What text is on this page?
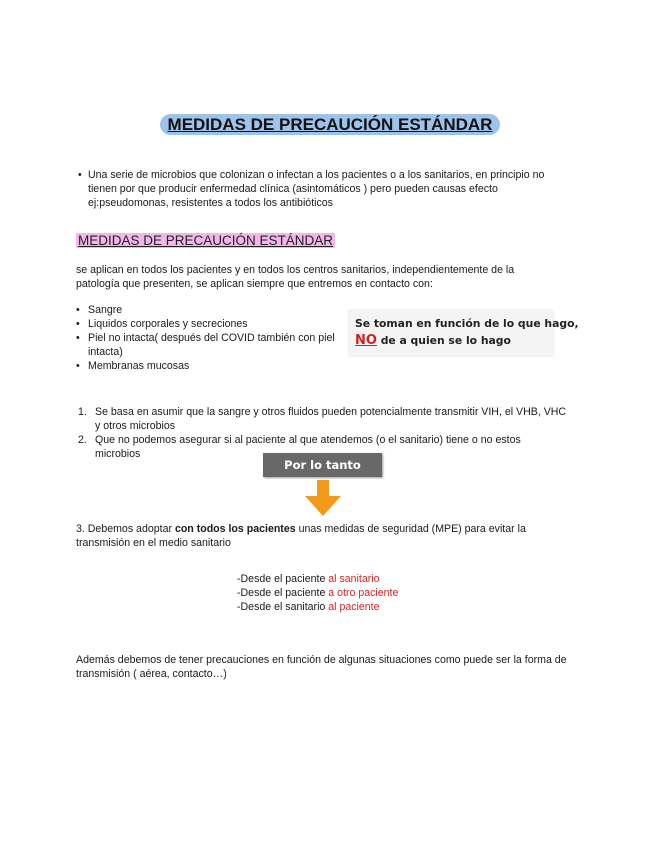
MEDIDAS DE PRECAUCIÓN ESTÁNDAR
• Una serie de microbios que colonizan o infectan a los pacientes o a los sanitarios, en principio no tienen por que producir enfermedad clínica (asintomáticos ) pero pueden causas efecto ej:pseudomonas, resistentes a todos los antibióticos
MEDIDAS DE PRECAUCIÓN ESTÁNDAR
se aplican en todos los pacientes y en todos los centros sanitarios, independientemente de la patología que presenten, se aplican siempre que entremos en contacto con:
• Sangre
• Liquidos corporales y secreciones
• Piel no intacta( después del COVID también con piel intacta)
• Membranas mucosas
Se toman en función de lo que hago,
NO de a quien se lo hago
1. Se basa en asumir que la sangre y otros fluidos pueden potencialmente transmitir VIH, el VHB, VHC y otros microbios
2. Que no podemos asegurar si al paciente al que atendemos (o el sanitario) tiene o no estos microbios
Por lo tanto
3. Debemos adoptar con todos los pacientes unas medidas de seguridad (MPE) para evitar la transmisión en el medio sanitario
-Desde el paciente al sanitario
-Desde el paciente a otro paciente
-Desde el sanitario al paciente
Además debemos de tener precauciones en función de algunas situaciones como puede ser la forma de transmisión ( aérea, contacto…)
